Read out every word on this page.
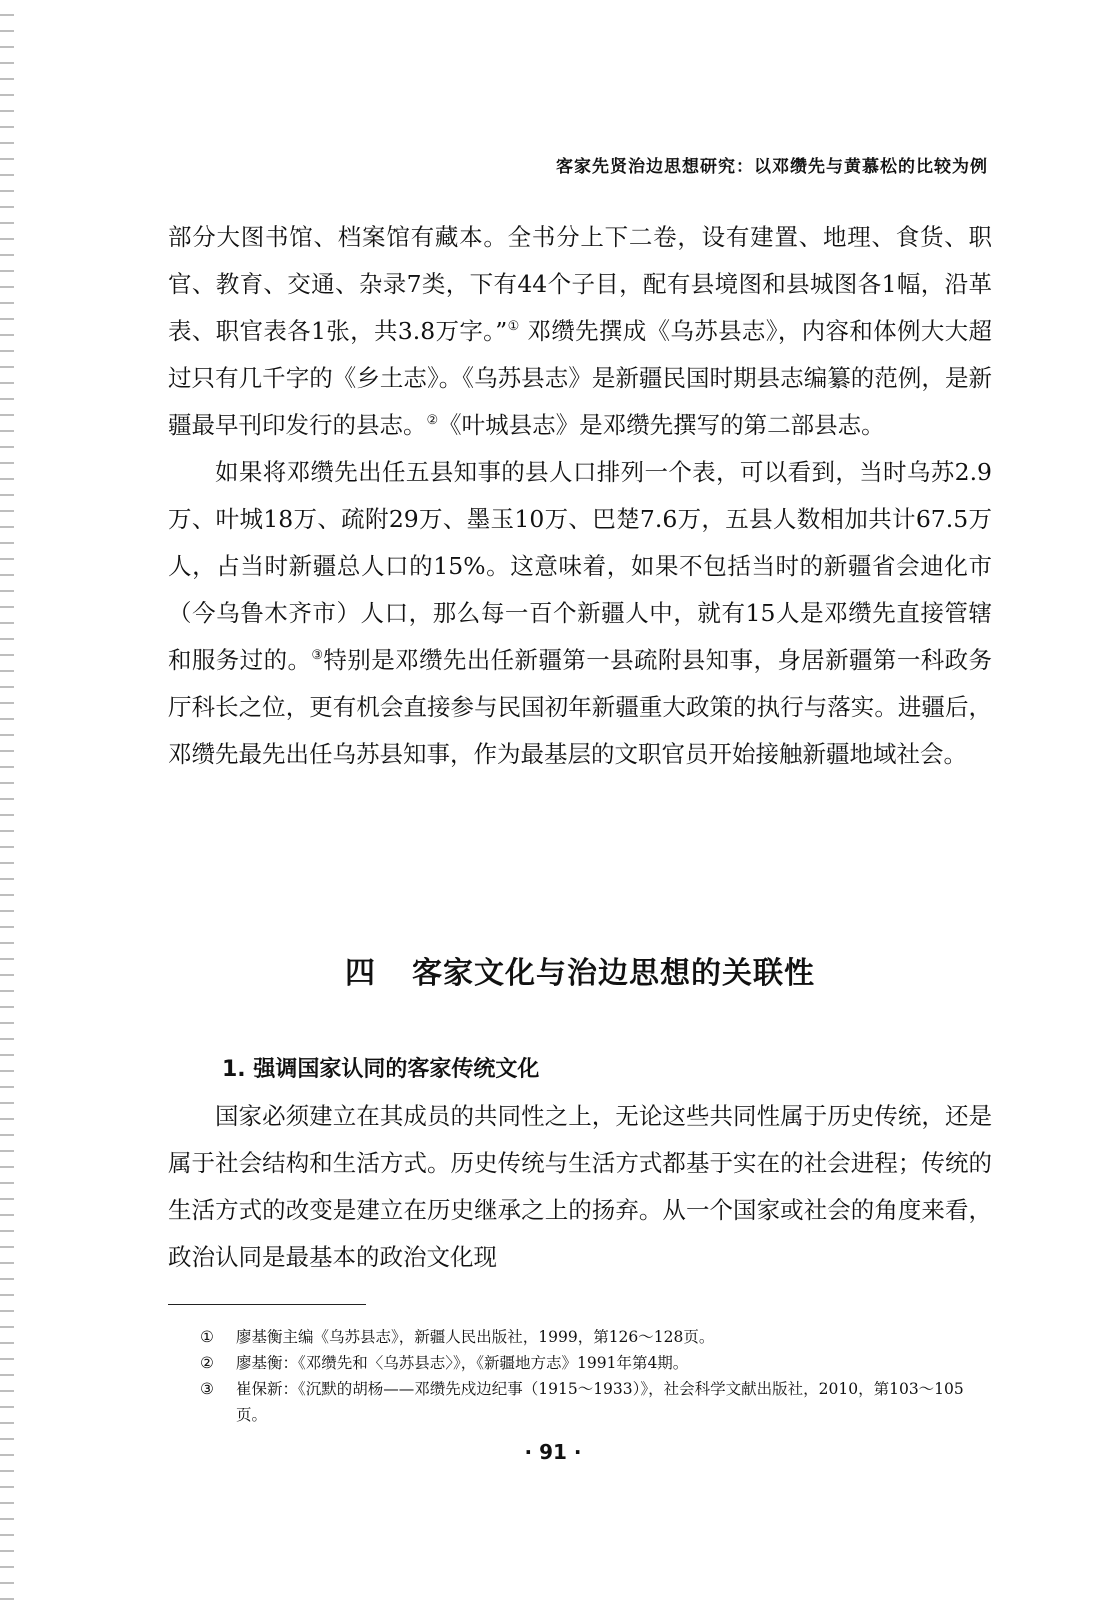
客家先贤治边思想研究：以邓缵先与黄慕松的比较为例

部分大图书馆、档案馆有藏本。全书分上下二卷，设有建置、地理、食货、职官、教育、交通、杂录7类，下有44个子目，配有县境图和县城图各1幅，沿革表、职官表各1张，共3.8万字。”① 邓缵先撰成《乌苏县志》，内容和体例大大超过只有几千字的《乡土志》。《乌苏县志》是新疆民国时期县志编纂的范例，是新疆最早刊印发行的县志。②《叶城县志》是邓缵先撰写的第二部县志。

如果将邓缵先出任五县知事的县人口排列一个表，可以看到，当时乌苏2.9万、叶城18万、疏附29万、墨玉10万、巴楚7.6万，五县人数相加共计67.5万人，占当时新疆总人口的15%。这意味着，如果不包括当时的新疆省会迪化市（今乌鲁木齐市）人口，那么每一百个新疆人中，就有15人是邓缵先直接管辖和服务过的。③特别是邓缵先出任新疆第一县疏附县知事，身居新疆第一科政务厅科长之位，更有机会直接参与民国初年新疆重大政策的执行与落实。进疆后，邓缵先最先出任乌苏县知事，作为最基层的文职官员开始接触新疆地域社会。

四 客家文化与治边思想的关联性
1. 强调国家认同的客家传统文化

国家必须建立在其成员的共同性之上，无论这些共同性属于历史传统，还是属于社会结构和生活方式。历史传统与生活方式都基于实在的社会进程；传统的生活方式的改变是建立在历史继承之上的扬弃。从一个国家或社会的角度来看，政治认同是最基本的政治文化现

①	廖基衡主编《乌苏县志》，新疆人民出版社，1999，第126～128页。
②	廖基衡：《邓缵先和〈乌苏县志〉》，《新疆地方志》1991年第4期。
③	崔保新：《沉默的胡杨——邓缵先戍边纪事（1915～1933）》，社会科学文献出版社，2010，第103～105页。
· 91 ·
